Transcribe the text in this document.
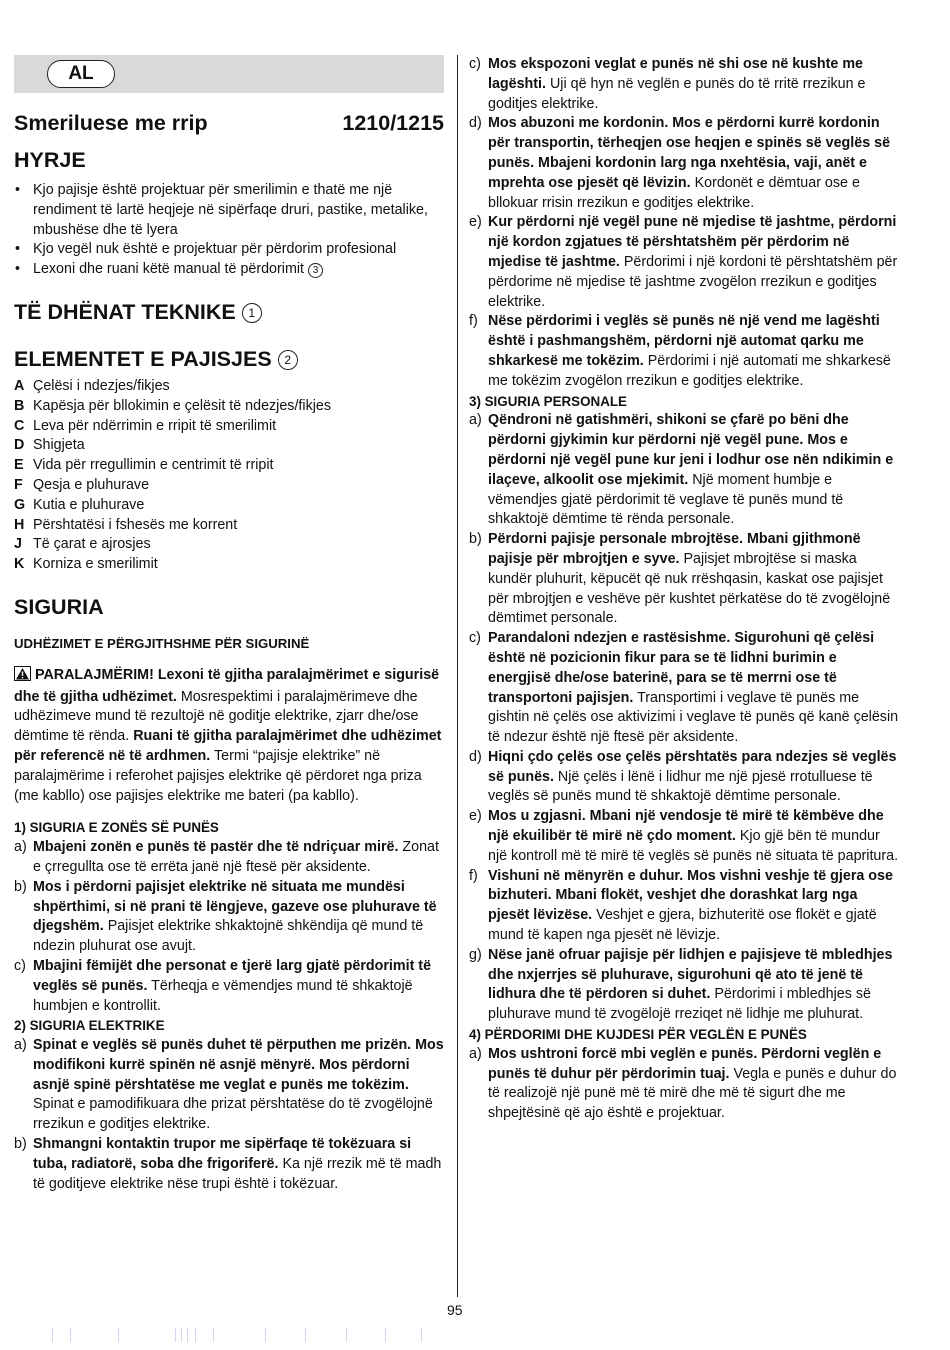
AL
Smeriluese me rrip	1210/1215
HYRJE
• Kjo pajisje është projektuar për smerilimin e thatë me një rendiment të lartë heqjeje në sipërfaqe druri, pastike, metalike, mbushëse dhe të lyera
• Kjo vegël nuk është e projektuar për përdorim profesional
• Lexoni dhe ruani këtë manual të përdorimit 3
TË DHËNAT TEKNIKE 1
ELEMENTET E PAJISJES 2
A Çelësi i ndezjes/fikjes
B Kapësja për bllokimin e çelësit të ndezjes/fikjes
C Leva për ndërrimin e rripit të smerilimit
D Shigjeta
E Vida për rregullimin e centrimit të rripit
F Qesja e pluhurave
G Kutia e pluhurave
H Përshtatësi i fshesës me korrent
J Të çarat e ajrosjes
K Korniza e smerilimit
SIGURIA
UDHËZIMET E PËRGJITHSHME PËR SIGURINË
PARALAJMËRIM! Lexoni të gjitha paralajmërimet e sigurisë dhe të gjitha udhëzimet. Mosrespektimi i paralajmërimeve dhe udhëzimeve mund të rezultojë në goditje elektrike, zjarr dhe/ose dëmtime të rënda. Ruani të gjitha paralajmërimet dhe udhëzimet për referencë në të ardhmen. Termi “pajisje elektrike” në paralajmërime i referohet pajisjes elektrike që përdoret nga priza (me kabllo) ose pajisjes elektrike me bateri (pa kabllo).
1) SIGURIA E ZONËS SË PUNËS
a) Mbajeni zonën e punës të pastër dhe të ndriçuar mirë. Zonat e çrregullta ose të errëta janë një ftesë për aksidente.
b) Mos i përdorni pajisjet elektrike në situata me mundësi shpërthimi, si në prani të lëngjeve, gazeve ose pluhurave të djegshëm. Pajisjet elektrike shkaktojnë shkëndija që mund të ndezin pluhurat ose avujt.
c) Mbajini fëmijët dhe personat e tjerë larg gjatë përdorimit të veglës së punës. Tërheqja e vëmendjes mund të shkaktojë humbjen e kontrollit.
2) SIGURIA ELEKTRIKE
a) Spinat e veglës së punës duhet të përputhen me prizën. Mos modifikoni kurrë spinën në asnjë mënyrë. Mos përdorni asnjë spinë përshtatëse me veglat e punës me tokëzim. Spinat e pamodifikuara dhe prizat përshtatëse do të zvogëlojnë rrezikun e goditjes elektrike.
b) Shmangni kontaktin trupor me sipërfaqe të tokëzuara si tuba, radiatorë, soba dhe frigoriferë. Ka një rrezik më të madh të goditjeve elektrike nëse trupi është i tokëzuar.
c) Mos ekspozoni veglat e punës në shi ose në kushte me lagështi. Uji që hyn në veglën e punës do të rritë rrezikun e goditjes elektrike.
d) Mos abuzoni me kordonin. Mos e përdorni kurrë kordonin për transportin, tërheqjen ose heqjen e spinës së veglës së punës. Mbajeni kordonin larg nga nxehtësia, vaji, anët e mprehta ose pjesët që lëvizin. Kordonët e dëmtuar ose e bllokuar rrisin rrezikun e goditjes elektrike.
e) Kur përdorni një vegël pune në mjedise të jashtme, përdorni një kordon zgjatues të përshtatshëm për përdorim në mjedise të jashtme. Përdorimi i një kordoni të përshtatshëm për përdorime në mjedise të jashtme zvogëlon rrezikun e goditjes elektrike.
f) Nëse përdorimi i veglës së punës në një vend me lagështi është i pashmangshëm, përdorni një automat qarku me shkarkesë me tokëzim. Përdorimi i një automati me shkarkesë me tokëzim zvogëlon rrezikun e goditjes elektrike.
3) SIGURIA PERSONALE
a) Qëndroni në gatishmëri, shikoni se çfarë po bëni dhe përdorni gjykimin kur përdorni një vegël pune. Mos e përdorni një vegël pune kur jeni i lodhur ose nën ndikimin e ilaçeve, alkoolit ose mjekimit. Një moment humbje e vëmendjes gjatë përdorimit të veglave të punës mund të shkaktojë dëmtime të rënda personale.
b) Përdorni pajisje personale mbrojtëse. Mbani gjithmonë pajisje për mbrojtjen e syve. Pajisjet mbrojtëse si maska kundër pluhurit, këpucët që nuk rrëshqasin, kaskat ose pajisjet për mbrojtjen e veshëve për kushtet përkatëse do të zvogëlojnë dëmtimet personale.
c) Parandaloni ndezjen e rastësishme. Sigurohuni që çelësi është në pozicionin fikur para se të lidhni burimin e energjisë dhe/ose baterinë, para se të merrni ose të transportoni pajisjen. Transportimi i veglave të punës me gishtin në çelës ose aktivizimi i veglave të punës që kanë çelësin të ndezur është një ftesë për aksidente.
d) Hiqni çdo çelës ose çelës përshtatës para ndezjes së veglës së punës. Një çelës i lënë i lidhur me një pjesë rrotulluese të veglës së punës mund të shkaktojë dëmtime personale.
e) Mos u zgjasni. Mbani një vendosje të mirë të këmbëve dhe një ekuilibër të mirë në çdo moment. Kjo gjë bën të mundur një kontroll më të mirë të veglës së punës në situata të papritura.
f) Vishuni në mënyrën e duhur. Mos vishni veshje të gjera ose bizhuteri. Mbani flokët, veshjet dhe dorashkat larg nga pjesët lëvizëse. Veshjet e gjera, bizhuteritë ose flokët e gjatë mund të kapen nga pjesët në lëvizje.
g) Nëse janë ofruar pajisje për lidhjen e pajisjeve të mbledhjes dhe nxjerrjes së pluhurave, sigurohuni që ato të jenë të lidhura dhe të përdoren si duhet. Përdorimi i mbledhjes së pluhurave mund të zvogëlojë rreziqet në lidhje me pluhurat.
4) PËRDORIMI DHE KUJDESI PËR VEGLËN E PUNËS
a) Mos ushtroni forcë mbi veglën e punës. Përdorni veglën e punës të duhur për përdorimin tuaj. Vegla e punës e duhur do të realizojë një punë më të mirë dhe më të sigurt dhe me shpejtësinë që ajo është e projektuar.
95
